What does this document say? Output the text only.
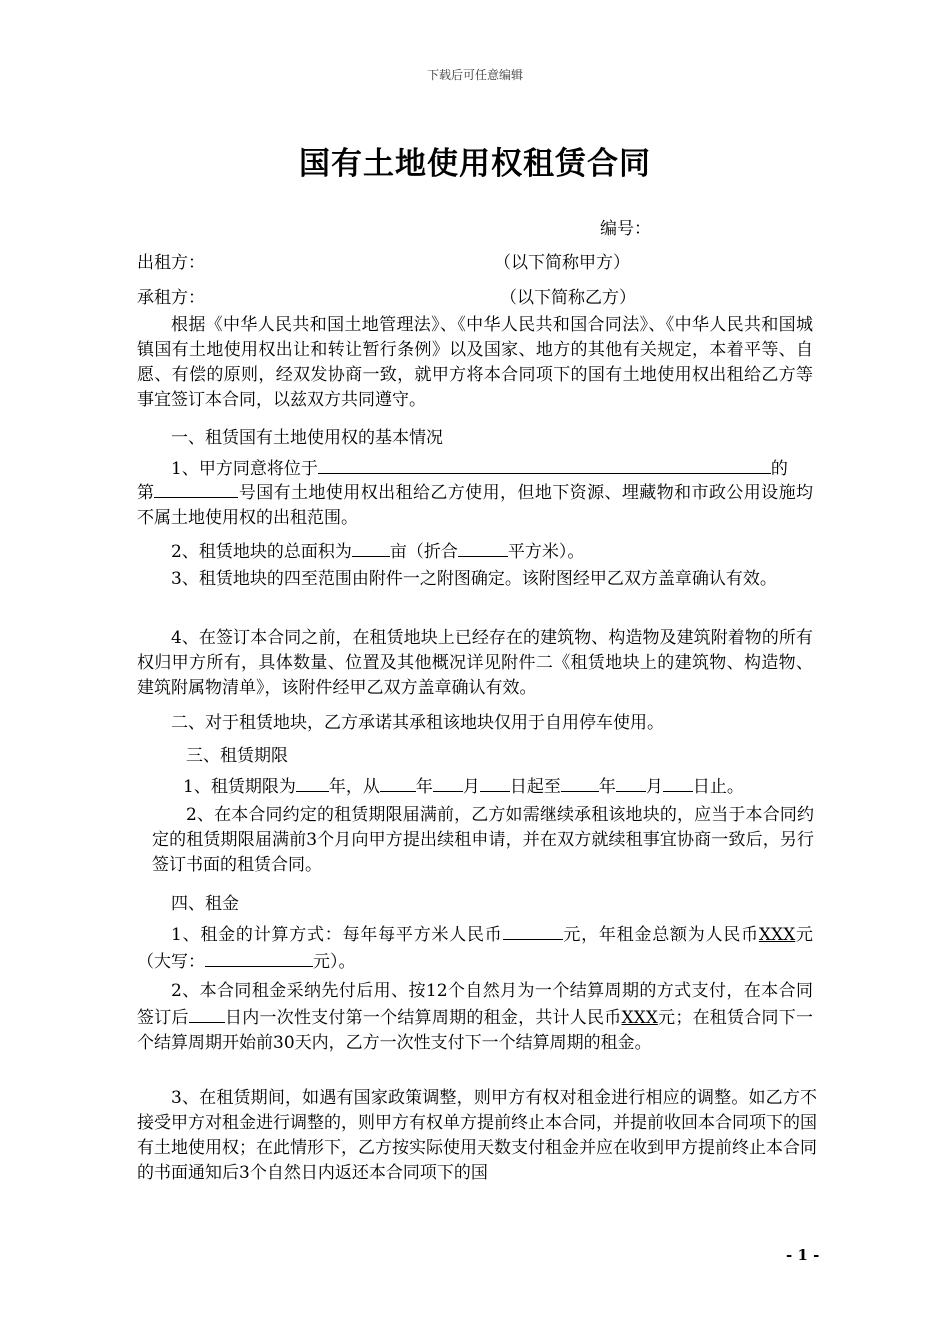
下载后可任意编辑
国有土地使用权租赁合同
编号：
出租方：	（以下简称甲方）
承租方：	（以下简称乙方）
根据《中华人民共和国土地管理法》、《中华人民共和国合同法》、《中华人民共和国城镇国有土地使用权出让和转让暂行条例》以及国家、地方的其他有关规定，本着平等、自愿、有偿的原则，经双发协商一致，就甲方将本合同项下的国有土地使用权出租给乙方等事宜签订本合同，以兹双方共同遵守。
一、租赁国有土地使用权的基本情况
1、甲方同意将位于	的
第	号国有土地使用权出租给乙方使用，但地下资源、埋藏物和市政公用设施均不属土地使用权的出租范围。
2、租赁地块的总面积为 亩（折合	平方米）。
3、租赁地块的四至范围由附件一之附图确定。该附图经甲乙双方盖章确认有效。
4、在签订本合同之前，在租赁地块上已经存在的建筑物、构造物及建筑附着物的所有权归甲方所有，具体数量、位置及其他概况详见附件二《租赁地块上的建筑物、构造物、建筑附属物清单》，该附件经甲乙双方盖章确认有效。
二、对于租赁地块，乙方承诺其承租该地块仅用于自用停车使用。
三、租赁期限
1、租赁期限为 年，从 年 月 日起至 年 月 日止。
2、在本合同约定的租赁期限届满前，乙方如需继续承租该地块的，应当于本合同约定的租赁期限届满前3个月向甲方提出续租申请，并在双方就续租事宜协商一致后，另行签订书面的租赁合同。
四、租金
1、租金的计算方式：每年每平方米人民币	元，年租金总额为人民币XXX元（大写：	元）。
2、本合同租金采纳先付后用、按12个自然月为一个结算周期的方式支付，在本合同签订后 日内一次性支付第一个结算周期的租金，共计人民币XXX元；在租赁合同下一个结算周期开始前30天内，乙方一次性支付下一个结算周期的租金。
3、在租赁期间，如遇有国家政策调整，则甲方有权对租金进行相应的调整。如乙方不接受甲方对租金进行调整的，则甲方有权单方提前终止本合同，并提前收回本合同项下的国有土地使用权；在此情形下，乙方按实际使用天数支付租金并应在收到甲方提前终止本合同的书面通知后3个自然日内返还本合同项下的国
- 1 -
